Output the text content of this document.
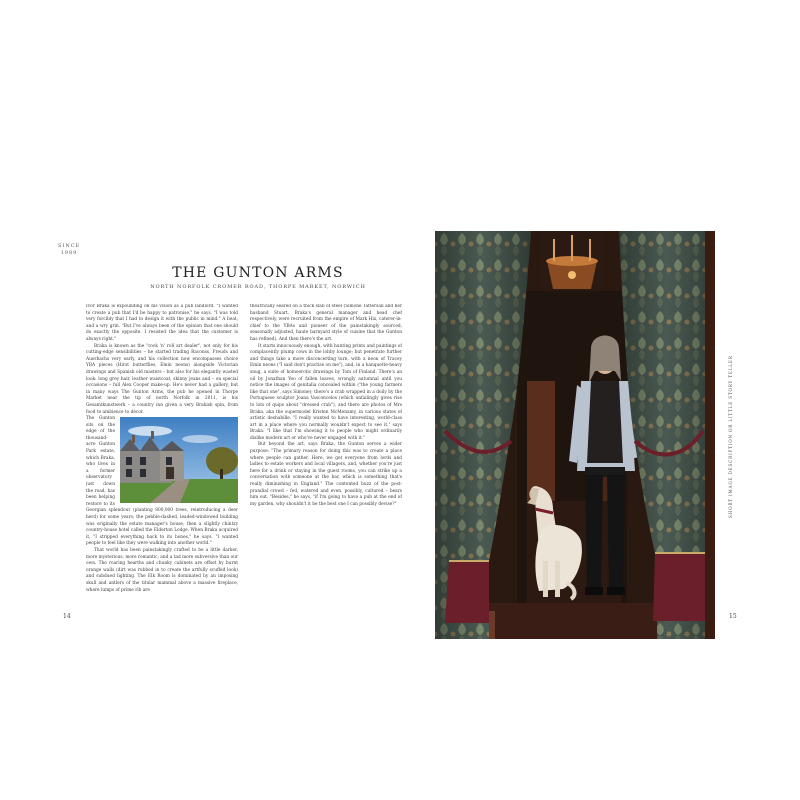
SINCE
1989
THE GUNTON ARMS
NORTH NORFOLK CROMER ROAD, THORPE MARKET, NORWICH

Ivor Braka is expounding on his vision as a pub landlord. "I wanted to create a pub that I'd be happy to patronise," he says. "I was told very forcibly that I had to design it with the public in mind." A beat, and a wry grin. "But I've always been of the opinion that one should do exactly the opposite. I resisted the idea that the customer is always right."

Braka is known as the "rock 'n' roll art dealer", not only for his cutting-edge sensibilities – he started trading Baconss, Freuds and Auerbachs very early, and his collection now encompasses choice YBA pieces (Hirst butterflies, Emin neons) alongside Victorian drawings and Spanish old masters – but also for his elegantly wasted look: long grey hair, leather waistcoat, skinny jeans and – on special occasions – full Alex Cooper make-up. He's never had a gallery, but in many ways The Gunton Arms, the pub he opened in Thorpe Market near the tip of north Norfolk in 2011, is his Gesamtkunstwerk – a country inn given a very Brakish spin, from food to ambience to décor.

The Gunton sits on the edge of the thousand-acre Gunton Park estate, which Braka, who lives in a former observatory just down the road, has been helping restore to its Georgian splendour (planting 800,000 trees, reintroducing a deer herd) for some years; the pebble-dashed, leaded-windowed building was originally the estate manager's house, then a slightly chintzy country-house hotel called the Elderton Lodge. When Braka acquired it, "I stripped everything back to its bones," he says. "I wanted people to feel like they were walking into another world."

That world has been painstakingly crafted to be a little darker, more mysterious, more romantic, and a tad more subversive than our own. The roaring hearths and chunky cabinets are offset by burnt orange walls (dirt was rubbed in to create the artfully scuffed look) and subdued lighting. The Elk Room is dominated by an imposing skull and antlers of the titular mammal above a massive fireplace, where lumps of prime rib are

theatrically seared on a thick slab of steel (Simone Tattersall and her husband Stuart, Braka's general manager and head chef respectively, were recruited from the empire of Mark Hix, caterer-in-chief to the YBAs and pioneer of the painstakingly sourced, seasonally adjusted, haute barnyard style of cuisine that the Gunton has refined). And then there's the art.

It starts innocuously enough, with hunting prints and paintings of complacently plump cows in the lobby lounge; but penetrate further and things take a more disconcerting turn, with a neon of Tracey Emin neons ("I said don't practise on me"), and, in a banquette-heavy snug, a suite of homoerotic drawings by Tom of Finland. There's an oil by Jonathan Yeo of fallen leaves, wrongly autumnal until you notice the images of genitalia concealed within ("the young farmers like that one", says Simone); there's a crab wrapped in a doily by the Portuguese sculptor Joana Vasconcelos (which unfailingly gives rise to lots of quips about "dressed crab"), and there are photos of Mrs Braka, aka the supermodel Kristen McMenamy, in various states of artistic deshabille. "I really wanted to have interesting, world-class art in a place where you normally wouldn't expect to see it," says Braka. "I like that I'm showing it to people who might ordinarily dislike modern art or who've never engaged with it."

But beyond the art, says Braka, the Gunton serves a wider purpose: "The primary reason for doing this was to create a place where people can gather. Here, we get everyone from lords and ladies to estate workers and local villagers, and, whether you're just here for a drink or staying in the guest rooms, you can strike up a conversation with someone at the bar, which is something that's really diminishing in England." The contented buzz of the post-prandial crowd – fed, watered and even, possibly, cultured – bears him out. "Besides," he says, "if I'm going to have a pub at the end of my garden, why shouldn't it be the best one I can possibly devise?"

14
SHORT IMAGE DESCRIPTION OR LITTLE STORY TELLER
15
